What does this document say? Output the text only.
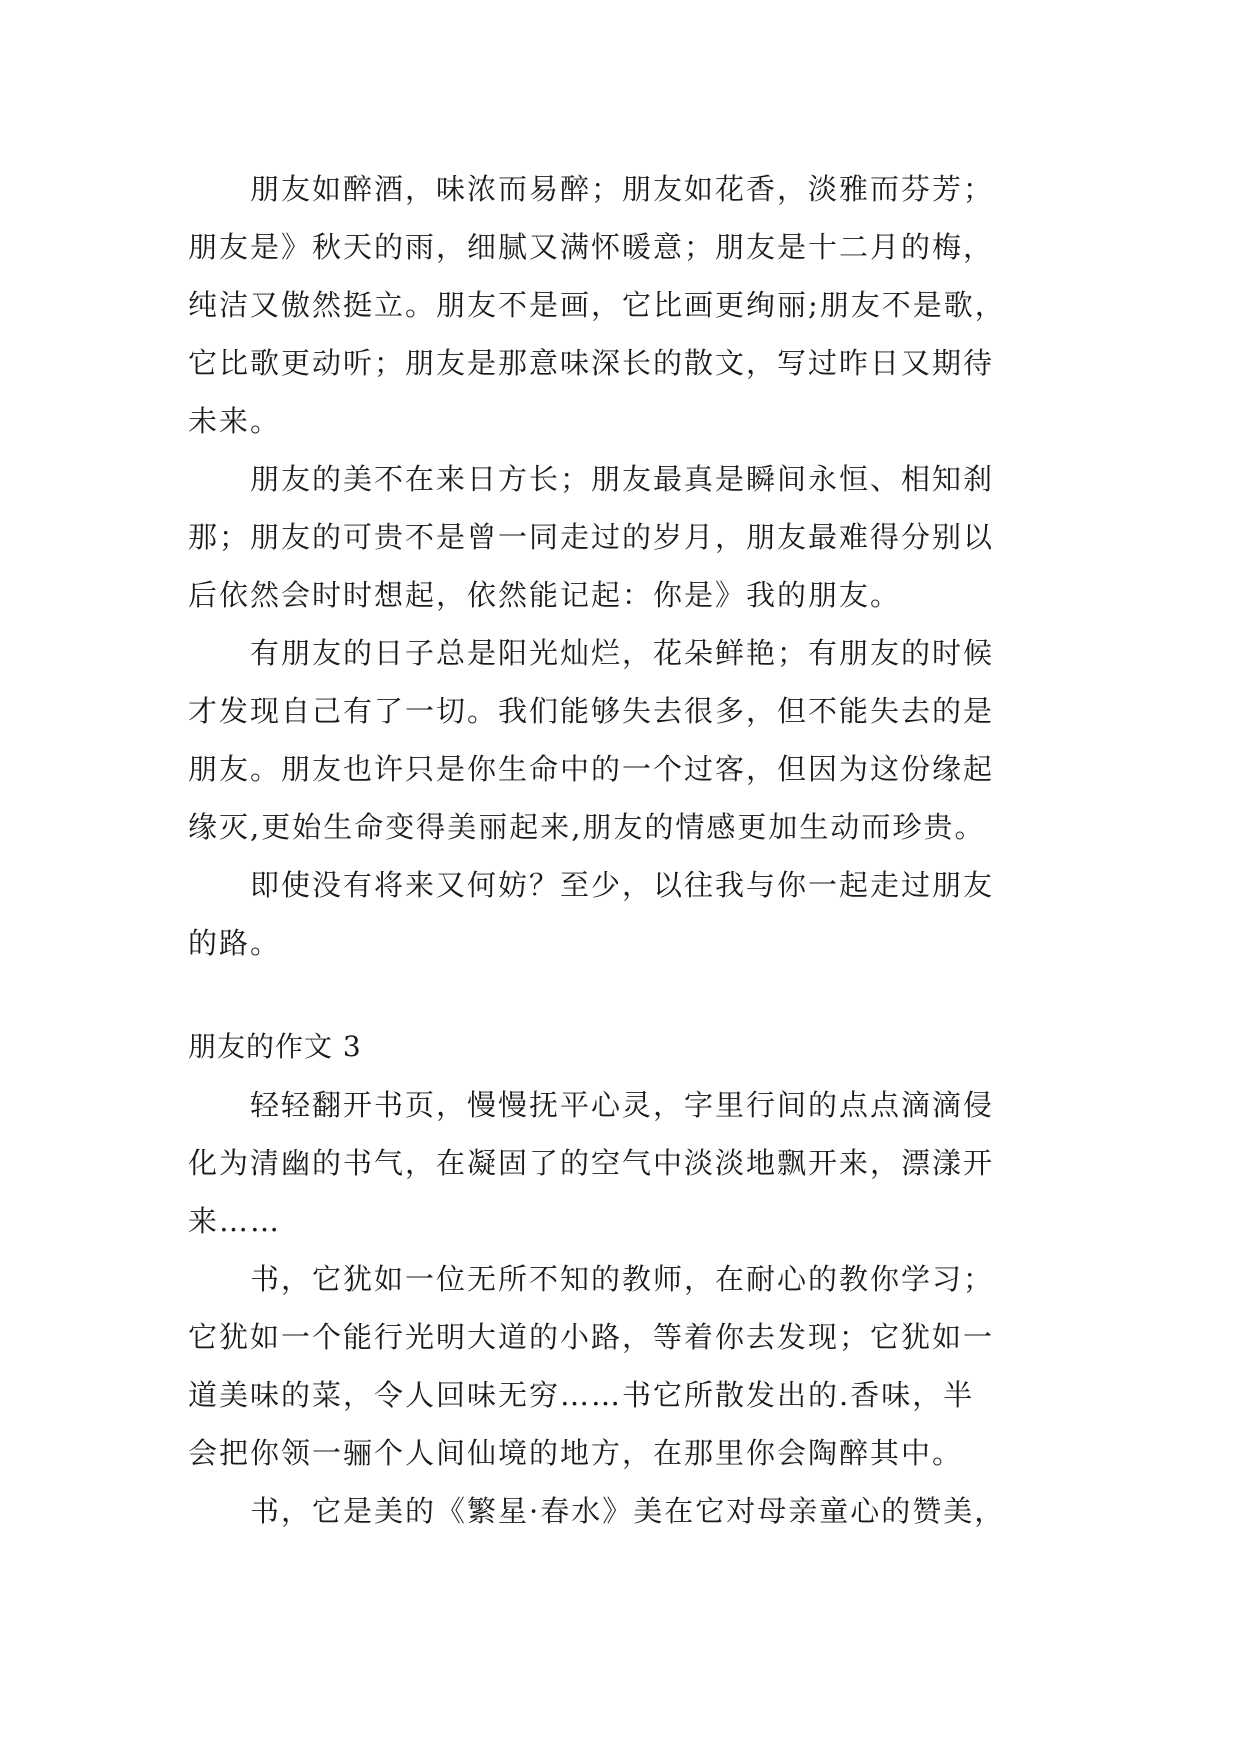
　　朋友如醉酒，味浓而易醉；朋友如花香，淡雅而芬芳；
朋友是》秋天的雨，细腻又满怀暖意；朋友是十二月的梅，
纯洁又傲然挺立。朋友不是画，它比画更绚丽;朋友不是歌，
它比歌更动听；朋友是那意味深长的散文，写过昨日又期待
未来。
　　朋友的美不在来日方长；朋友最真是瞬间永恒、相知刹
那；朋友的可贵不是曾一同走过的岁月，朋友最难得分别以
后依然会时时想起，依然能记起：你是》我的朋友。
　　有朋友的日子总是阳光灿烂，花朵鲜艳；有朋友的时候
才发现自己有了一切。我们能够失去很多，但不能失去的是
朋友。朋友也许只是你生命中的一个过客，但因为这份缘起
缘灭,更始生命变得美丽起来,朋友的情感更加生动而珍贵。
　　即使没有将来又何妨？至少，以往我与你一起走过朋友
的路。
朋友的作文 3
　　轻轻翻开书页，慢慢抚平心灵，字里行间的点点滴滴侵
化为清幽的书气，在凝固了的空气中淡淡地飘开来，漂漾开
来……
　　书，它犹如一位无所不知的教师，在耐心的教你学习；
它犹如一个能行光明大道的小路，等着你去发现；它犹如一
道美味的菜，令人回味无穷……书它所散发出的.香味，半
会把你领一骊个人间仙境的地方，在那里你会陶醉其中。
　　书，它是美的《繁星·春水》美在它对母亲童心的赞美，
